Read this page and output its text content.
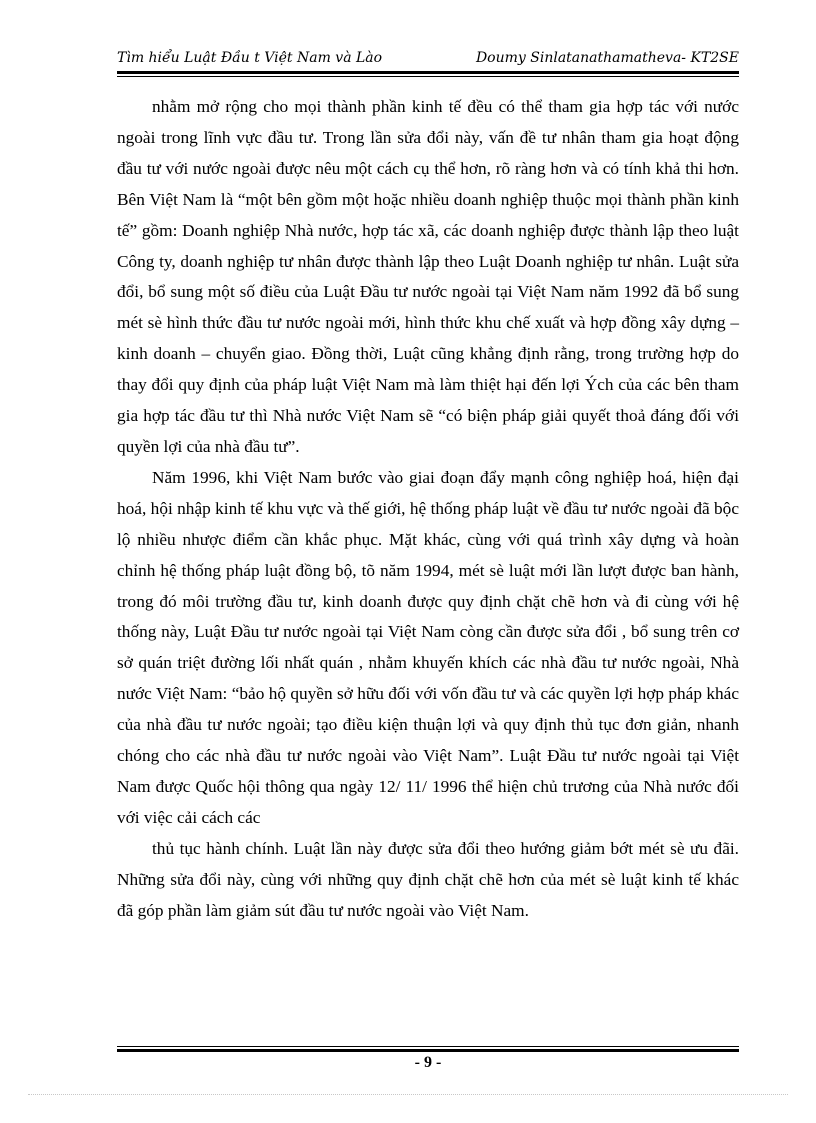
Tìm hiểu Luật Đầu t Việt Nam và Lào	Doumy Sinlatanathamatheva- KT2SE

nhằm mở rộng cho mọi thành phần kinh tế đều có thể tham gia hợp tác với nước ngoài trong lĩnh vực đầu tư. Trong lần sửa đổi này, vấn đề tư nhân tham gia hoạt động đầu tư với nước ngoài được nêu một cách cụ thể hơn, rõ ràng hơn và có tính khả thi hơn. Bên Việt Nam là “một bên gồm một hoặc nhiều doanh nghiệp thuộc mọi thành phần kinh tế” gồm: Doanh nghiệp Nhà nước, hợp tác xã, các doanh nghiệp được thành lập theo luật Công ty, doanh nghiệp tư nhân được thành lập theo Luật Doanh nghiệp tư nhân. Luật sửa đổi, bổ sung một số điều của Luật Đầu tư nước ngoài tại Việt Nam năm 1992 đã bổ sung mét sè hình thức đầu tư nước ngoài mới, hình thức khu chế xuất và hợp đồng xây dựng – kinh doanh – chuyển giao. Đồng thời, Luật cũng khẳng định rằng, trong trường hợp do thay đổi quy định của pháp luật Việt Nam mà làm thiệt hại đến lợi Ých của các bên tham gia hợp tác đầu tư thì Nhà nước Việt Nam sẽ “có biện pháp giải quyết thoả đáng đối với quyền lợi của nhà đầu tư”.

Năm 1996, khi Việt Nam bước vào giai đoạn đẩy mạnh công nghiệp hoá, hiện đại hoá, hội nhập kinh tế khu vực và thế giới, hệ thống pháp luật về đầu tư nước ngoài đã bộc lộ nhiều nhược điểm cần khắc phục. Mặt khác, cùng với quá trình xây dựng và hoàn chỉnh hệ thống pháp luật đồng bộ, tõ năm 1994, mét sè luật mới lần lượt được ban hành, trong đó môi trường đầu tư, kinh doanh được quy định chặt chẽ hơn và đi cùng với hệ thống này, Luật Đầu tư nước ngoài tại Việt Nam còng cần được sửa đổi , bổ sung trên cơ sở quán triệt đường lối nhất quán , nhằm khuyến khích các nhà đầu tư nước ngoài, Nhà nước Việt Nam: “bảo hộ quyền sở hữu đối với vốn đầu tư và các quyền lợi hợp pháp khác của nhà đầu tư nước ngoài; tạo điều kiện thuận lợi và quy định thủ tục đơn giản, nhanh chóng cho các nhà đầu tư nước ngoài vào Việt Nam”. Luật Đầu tư nước ngoài tại Việt Nam được Quốc hội thông qua ngày 12/ 11/ 1996 thể hiện chủ trương của Nhà nước đối với việc cải cách các

thủ tục hành chính. Luật lần này được sửa đổi theo hướng giảm bớt mét sè ưu đãi. Những sửa đổi này, cùng với những quy định chặt chẽ hơn của mét sè luật kinh tế khác đã góp phần làm giảm sút đầu tư nước ngoài vào Việt Nam.

- 9 -
